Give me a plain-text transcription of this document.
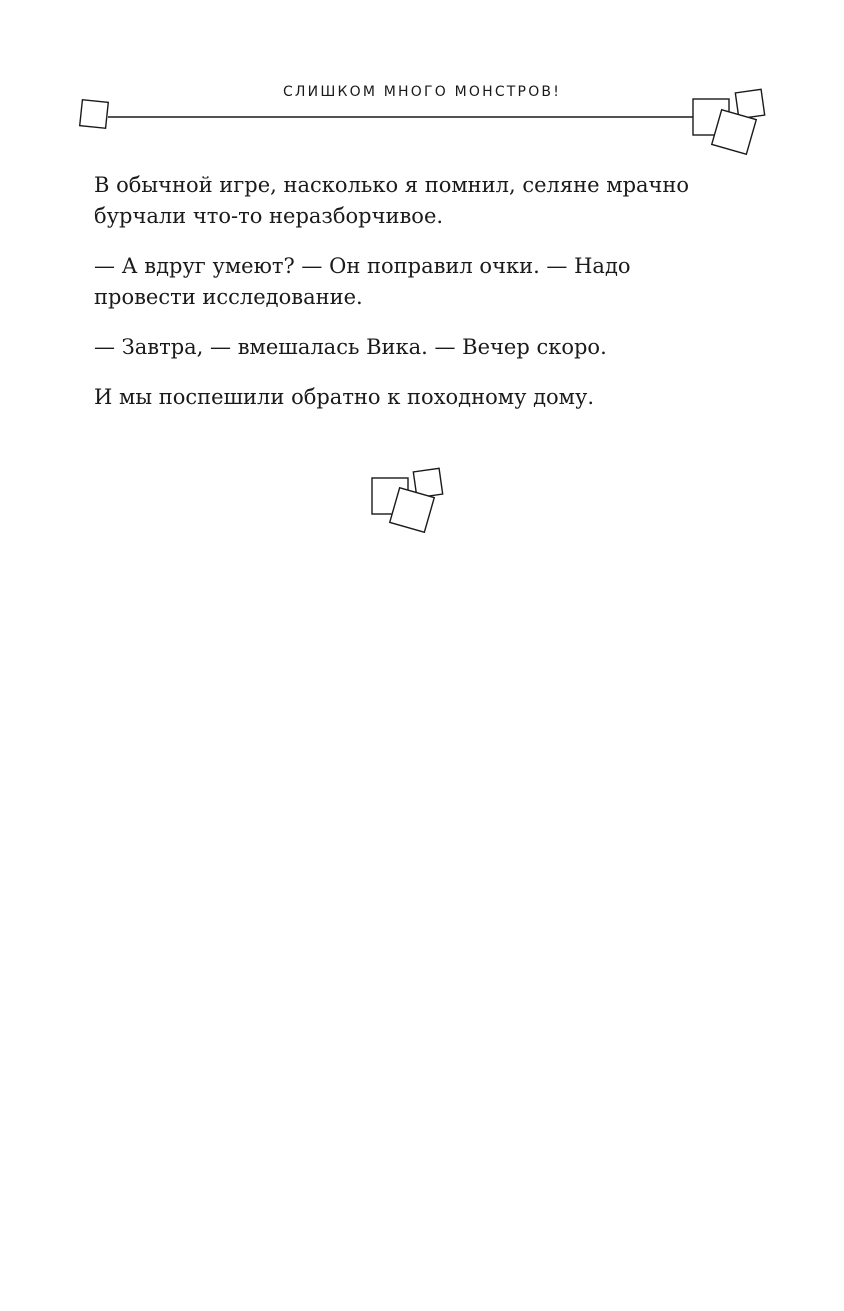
СЛИШКОМ МНОГО МОНСТРОВ!

В обычной игре, насколько я помнил, селяне мрачно
бурчали что-то неразборчивое.

— А вдруг умеют? — Он поправил очки. — Надо
провести исследование.

— Завтра, — вмешалась Вика. — Вечер скоро.

И мы поспешили обратно к походному дому.
